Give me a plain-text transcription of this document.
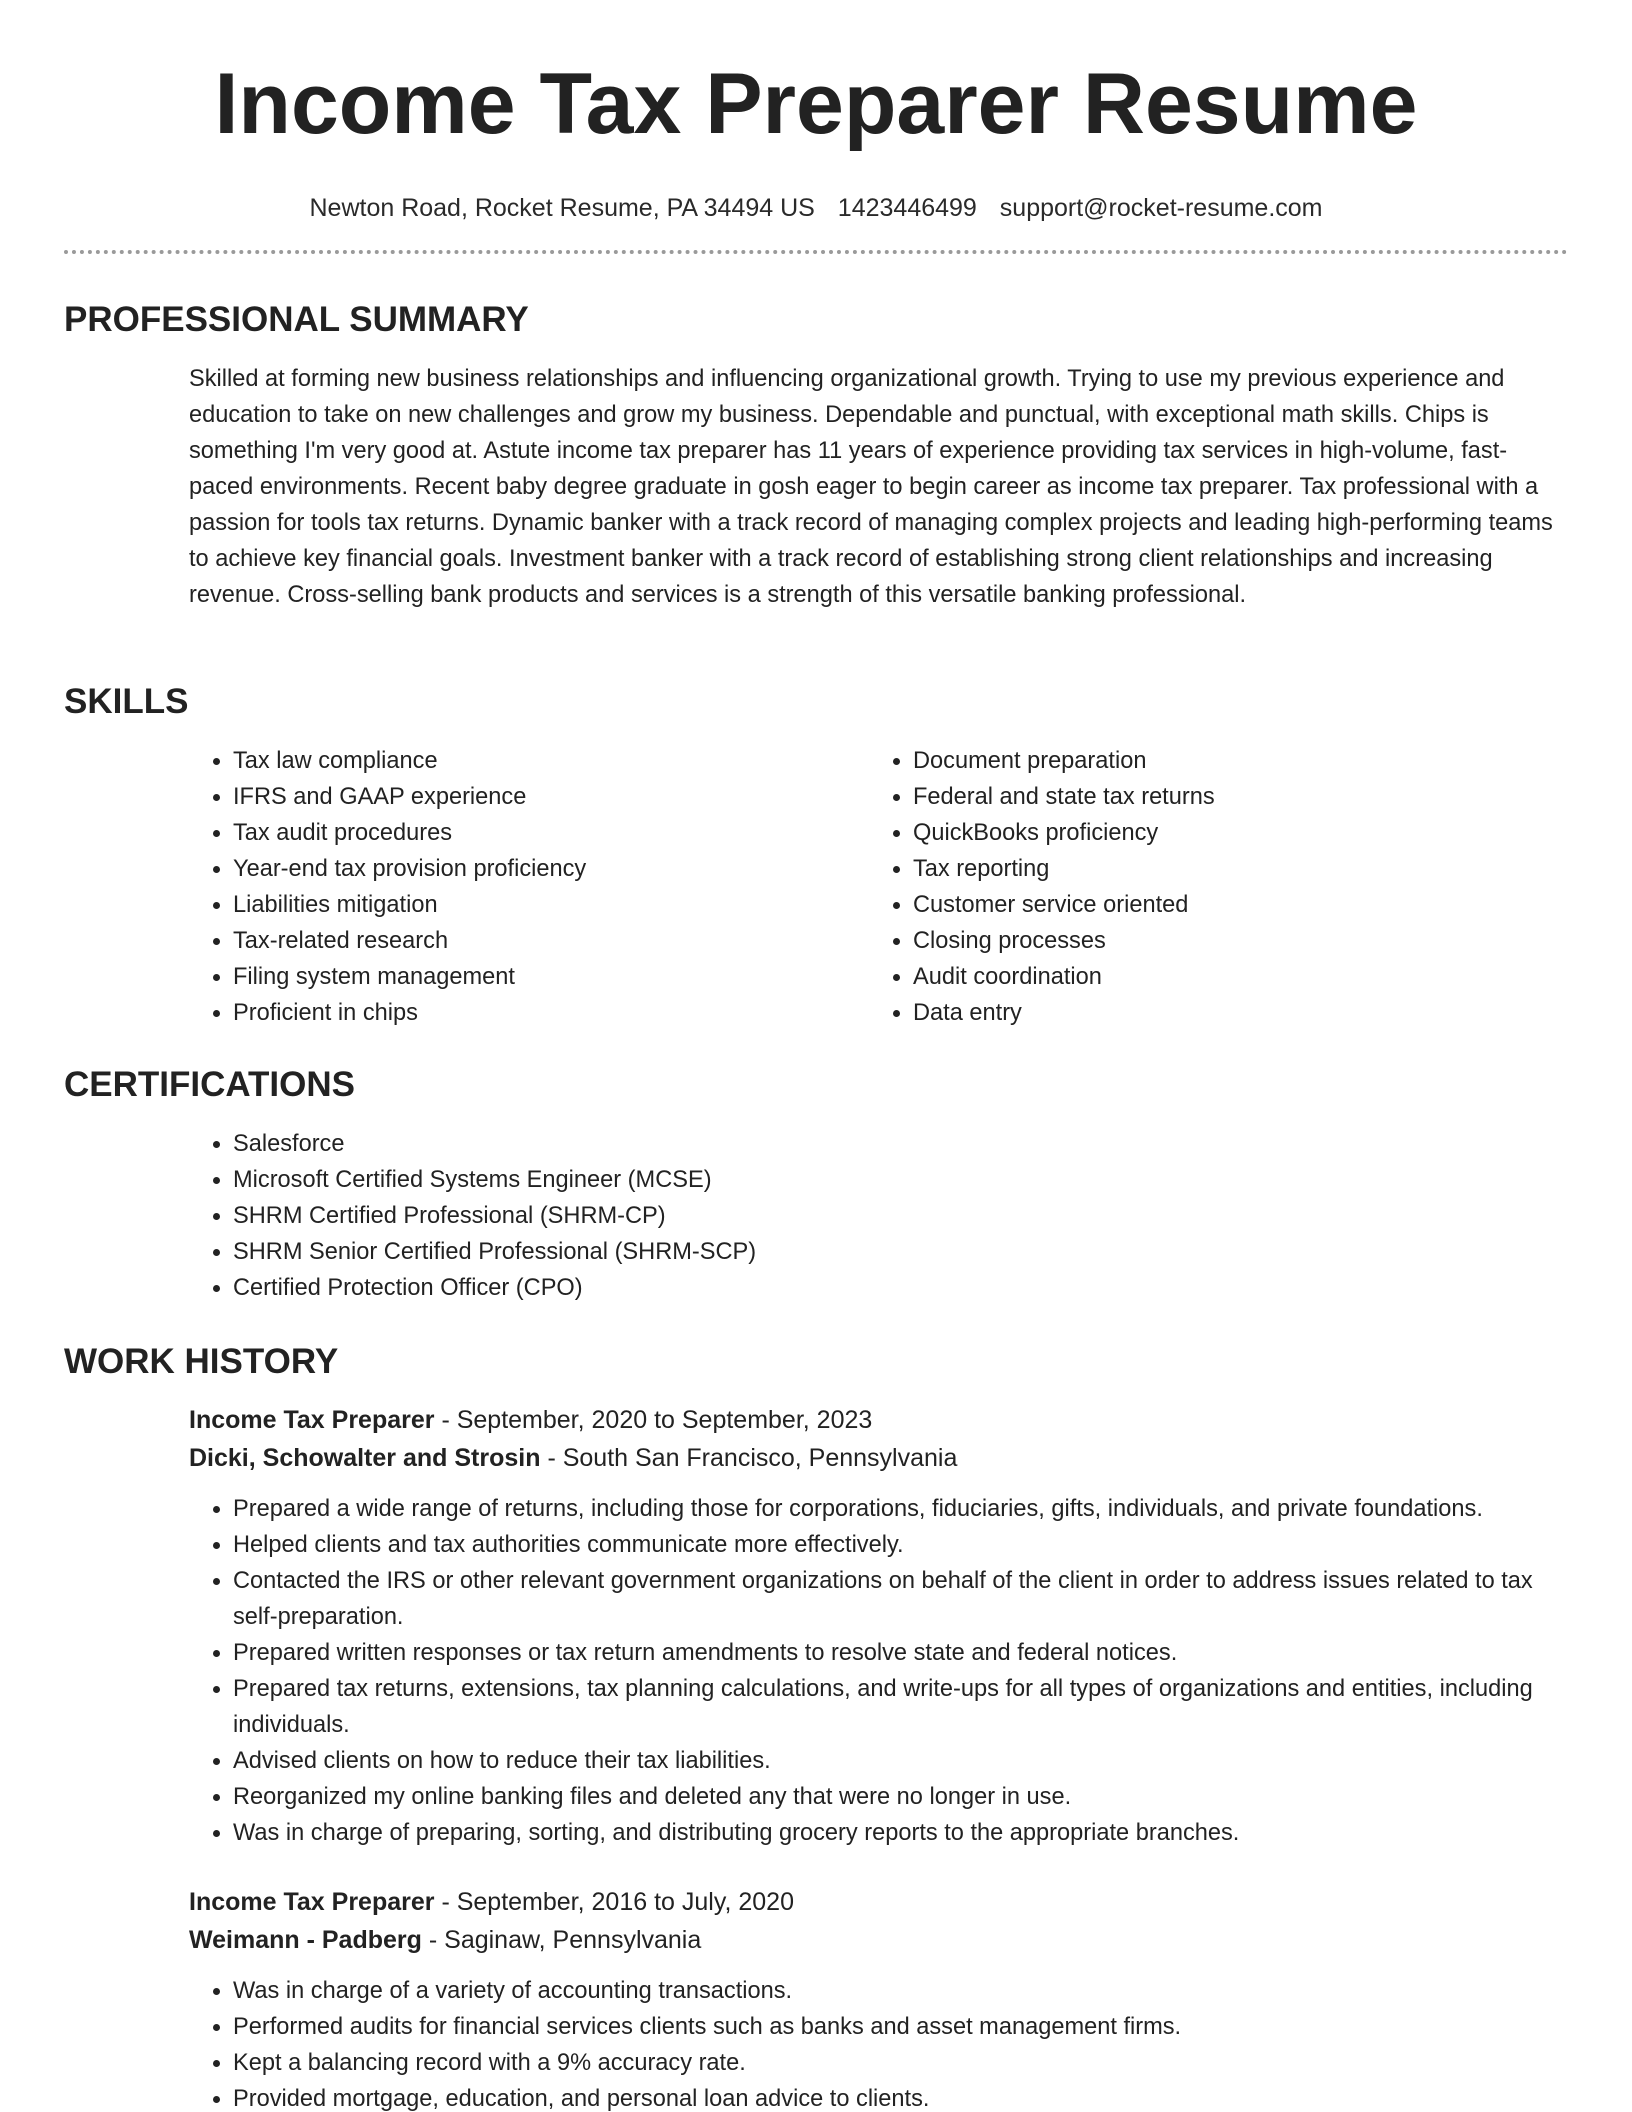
Income Tax Preparer Resume
Newton Road, Rocket Resume, PA 34494 US 1423446499 support@rocket-resume.com
PROFESSIONAL SUMMARY

Skilled at forming new business relationships and influencing organizational growth. Trying to use my previous experience and education to take on new challenges and grow my business. Dependable and punctual, with exceptional math skills. Chips is something I'm very good at. Astute income tax preparer has 11 years of experience providing tax services in high-volume, fast-paced environments. Recent baby degree graduate in gosh eager to begin career as income tax preparer. Tax professional with a passion for tools tax returns. Dynamic banker with a track record of managing complex projects and leading high-performing teams to achieve key financial goals. Investment banker with a track record of establishing strong client relationships and increasing revenue. Cross-selling bank products and services is a strength of this versatile banking professional.

SKILLS
• Tax law compliance
• IFRS and GAAP experience
• Tax audit procedures
• Year-end tax provision proficiency
• Liabilities mitigation
• Tax-related research
• Filing system management
• Proficient in chips
• Document preparation
• Federal and state tax returns
• QuickBooks proficiency
• Tax reporting
• Customer service oriented
• Closing processes
• Audit coordination
• Data entry
CERTIFICATIONS
• Salesforce
• Microsoft Certified Systems Engineer (MCSE)
• SHRM Certified Professional (SHRM-CP)
• SHRM Senior Certified Professional (SHRM-SCP)
• Certified Protection Officer (CPO)
WORK HISTORY
Income Tax Preparer - September, 2020 to September, 2023
Dicki, Schowalter and Strosin - South San Francisco, Pennsylvania
• Prepared a wide range of returns, including those for corporations, fiduciaries, gifts, individuals, and private foundations.
• Helped clients and tax authorities communicate more effectively.
• Contacted the IRS or other relevant government organizations on behalf of the client in order to address issues related to tax self-preparation.
• Prepared written responses or tax return amendments to resolve state and federal notices.
• Prepared tax returns, extensions, tax planning calculations, and write-ups for all types of organizations and entities, including individuals.
• Advised clients on how to reduce their tax liabilities.
• Reorganized my online banking files and deleted any that were no longer in use.
• Was in charge of preparing, sorting, and distributing grocery reports to the appropriate branches.
Income Tax Preparer - September, 2016 to July, 2020
Weimann - Padberg - Saginaw, Pennsylvania
• Was in charge of a variety of accounting transactions.
• Performed audits for financial services clients such as banks and asset management firms.
• Kept a balancing record with a 9% accuracy rate.
• Provided mortgage, education, and personal loan advice to clients.
